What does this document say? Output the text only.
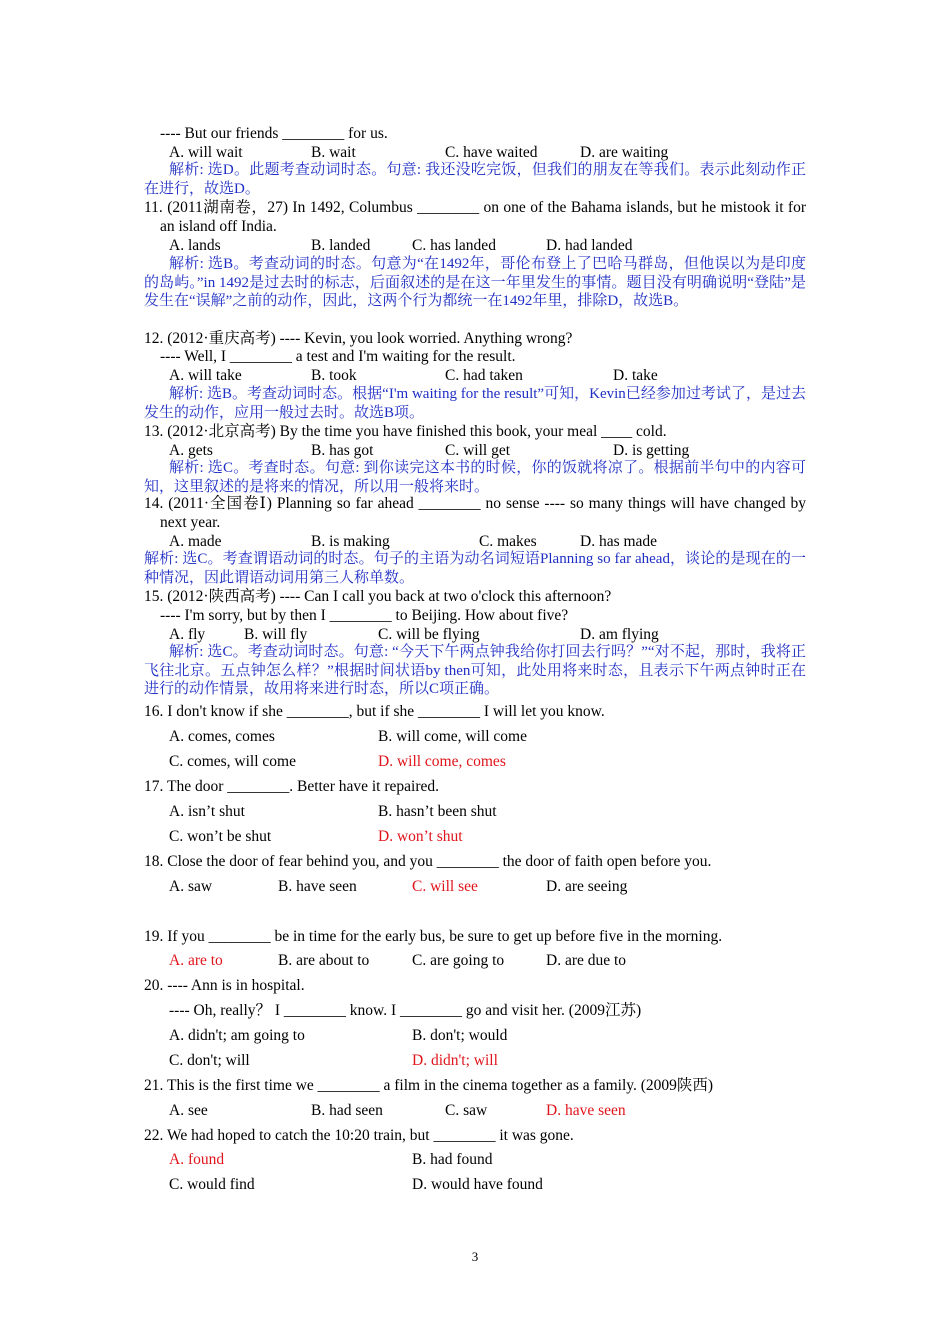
---- But our friends ________ for us.
A. will wait	B. wait	C. have waited	D. are waiting
解析: 选D。此题考查动词时态。句意: 我还没吃完饭，但我们的朋友在等我们。表示此刻动作正在进行，故选D。
11. (2011湖南卷，27) In 1492, Columbus ________ on one of the Bahama islands, but he mistook it for an island off India.
A. lands	B. landed	C. has landed	D. had landed
解析: 选B。考查动词的时态。句意为“在1492年，哥伦布登上了巴哈马群岛，但他误以为是印度的岛屿。”in 1492是过去时的标志，后面叙述的是在这一年里发生的事情。题目没有明确说明“登陆”是发生在“误解”之前的动作，因此，这两个行为都统一在1492年里，排除D，故选B。
12. (2012·重庆高考) ---- Kevin, you look worried. Anything wrong?
---- Well, I ________ a test and I'm waiting for the result.
A. will take	B. took	C. had taken	D. take
解析: 选B。考查动词时态。根据“I'm waiting for the result”可知，Kevin已经参加过考试了，是过去发生的动作，应用一般过去时。故选B项。
13. (2012·北京高考) By the time you have finished this book, your meal ____ cold.
A. gets	B. has got	C. will get	D. is getting
解析: 选C。考查时态。句意: 到你读完这本书的时候，你的饭就将凉了。根据前半句中的内容可知，这里叙述的是将来的情况，所以用一般将来时。
14. (2011·全国卷Ⅰ) Planning so far ahead ________ no sense ---- so many things will have changed by next year.
A. made	B. is making	C. makes	D. has made
解析: 选C。考查谓语动词的时态。句子的主语为动名词短语Planning so far ahead，谈论的是现在的一种情况，因此谓语动词用第三人称单数。
15. (2012·陕西高考) ---- Can I call you back at two o'clock this afternoon?
---- I'm sorry, but by then I ________ to Beijing. How about five?
A. fly	B. will fly	C. will be flying	D. am flying
解析: 选C。考查动词时态。句意: “今天下午两点钟我给你打回去行吗？”“对不起，那时，我将正飞往北京。五点钟怎么样？”根据时间状语by then可知，此处用将来时态，且表示下午两点钟时正在进行的动作情景，故用将来进行时态，所以C项正确。
16. I don't know if she ________, but if she ________ I will let you know.
A. comes, comes	B. will come, will come
C. comes, will come	D. will come, comes
17. The door ________. Better have it repaired.
A. isn’t shut	B. hasn’t been shut
C. won’t be shut	D. won’t shut
18. Close the door of fear behind you, and you ________ the door of faith open before you.
A. saw	B. have seen	C. will see	D. are seeing
19. If you ________ be in time for the early bus, be sure to get up before five in the morning.
A. are to	B. are about to	C. are going to	D. are due to
20. ---- Ann is in hospital.
---- Oh, really？ I ________ know. I ________ go and visit her. (2009江苏)
A. didn't; am going to	B. don't; would
C. don't; will	D. didn't; will
21. This is the first time we ________ a film in the cinema together as a family. (2009陕西)
A. see	B. had seen	C. saw	D. have seen
22. We had hoped to catch the 10:20 train, but ________ it was gone.
A. found	B. had found
C. would find	D. would have found
3
